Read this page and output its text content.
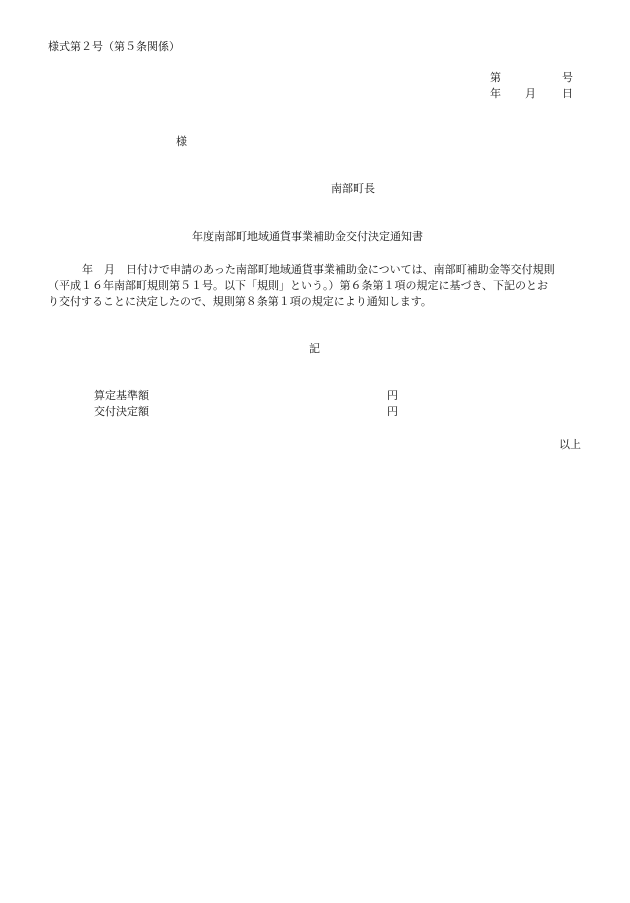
様式第２号（第５条関係）
第	号
年 月 日
様
南部町長
年度南部町地域通貨事業補助金交付決定通知書
年　月　日付けで申請のあった南部町地域通貨事業補助金については、南部町補助金等交付規則
（平成１６年南部町規則第５１号。以下「規則」という。）第６条第１項の規定に基づき、下記のとお
り交付することに決定したので、規則第８条第１項の規定により通知します。
記
算定基準額	円
交付決定額	円
以上
